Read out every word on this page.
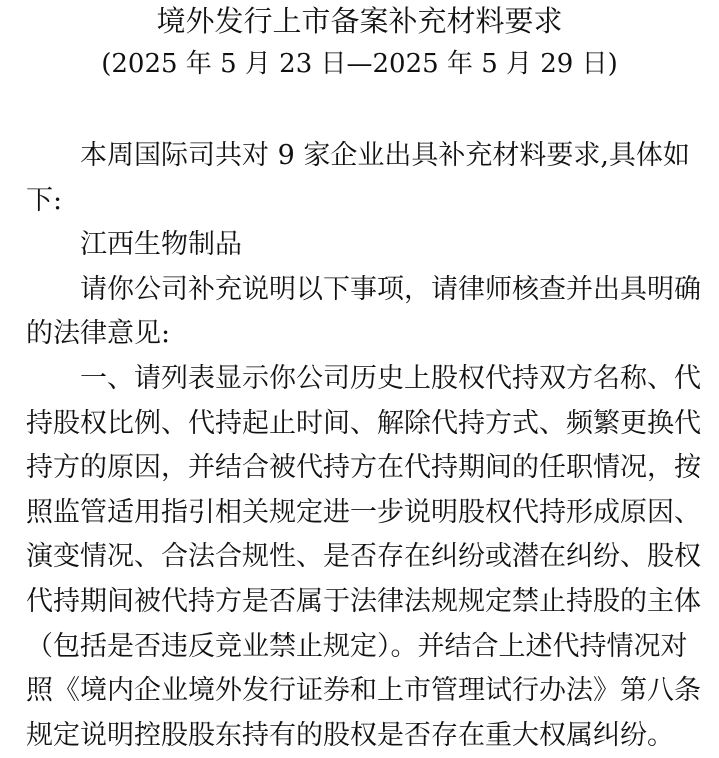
境外发行上市备案补充材料要求
(2025 年 5 月 23 日—2025 年 5 月 29 日)

本周国际司共对 9 家企业出具补充材料要求,具体如下:

江西生物制品

请你公司补充说明以下事项，请律师核查并出具明确的法律意见:

一、请列表显示你公司历史上股权代持双方名称、代持股权比例、代持起止时间、解除代持方式、频繁更换代持方的原因，并结合被代持方在代持期间的任职情况，按照监管适用指引相关规定进一步说明股权代持形成原因、演变情况、合法合规性、是否存在纠纷或潜在纠纷、股权代持期间被代持方是否属于法律法规规定禁止持股的主体（包括是否违反竞业禁止规定）。并结合上述代持情况对照《境内企业境外发行证券和上市管理试行办法》第八条规定说明控股股东持有的股权是否存在重大权属纠纷。
